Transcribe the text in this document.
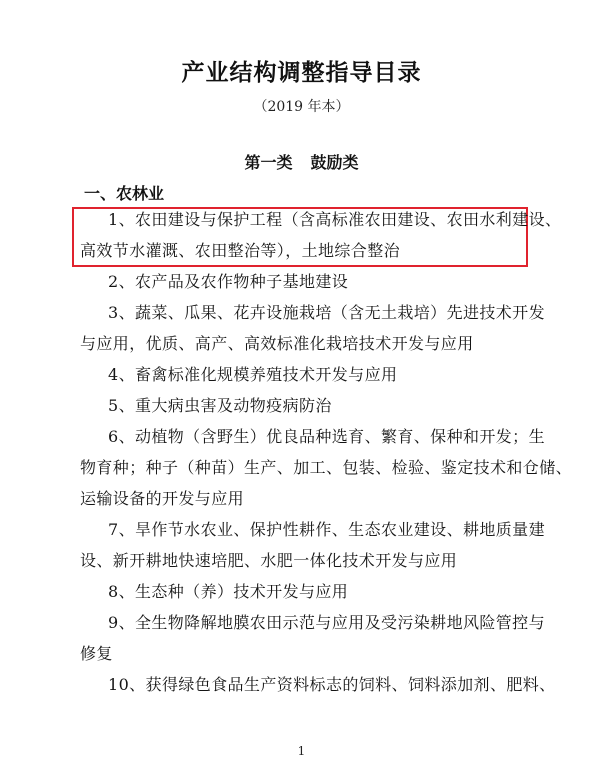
产业结构调整指导目录
（2019 年本）
第一类 鼓励类
一、农林业
1、农田建设与保护工程（含高标准农田建设、农田水利建设、
高效节水灌溉、农田整治等），土地综合整治
2、农产品及农作物种子基地建设
3、蔬菜、瓜果、花卉设施栽培（含无土栽培）先进技术开发
与应用，优质、高产、高效标准化栽培技术开发与应用
4、畜禽标准化规模养殖技术开发与应用
5、重大病虫害及动物疫病防治
6、动植物（含野生）优良品种选育、繁育、保种和开发；生
物育种；种子（种苗）生产、加工、包装、检验、鉴定技术和仓储、
运输设备的开发与应用
7、旱作节水农业、保护性耕作、生态农业建设、耕地质量建
设、新开耕地快速培肥、水肥一体化技术开发与应用
8、生态种（养）技术开发与应用
9、全生物降解地膜农田示范与应用及受污染耕地风险管控与
修复
10、获得绿色食品生产资料标志的饲料、饲料添加剂、肥料、
1
